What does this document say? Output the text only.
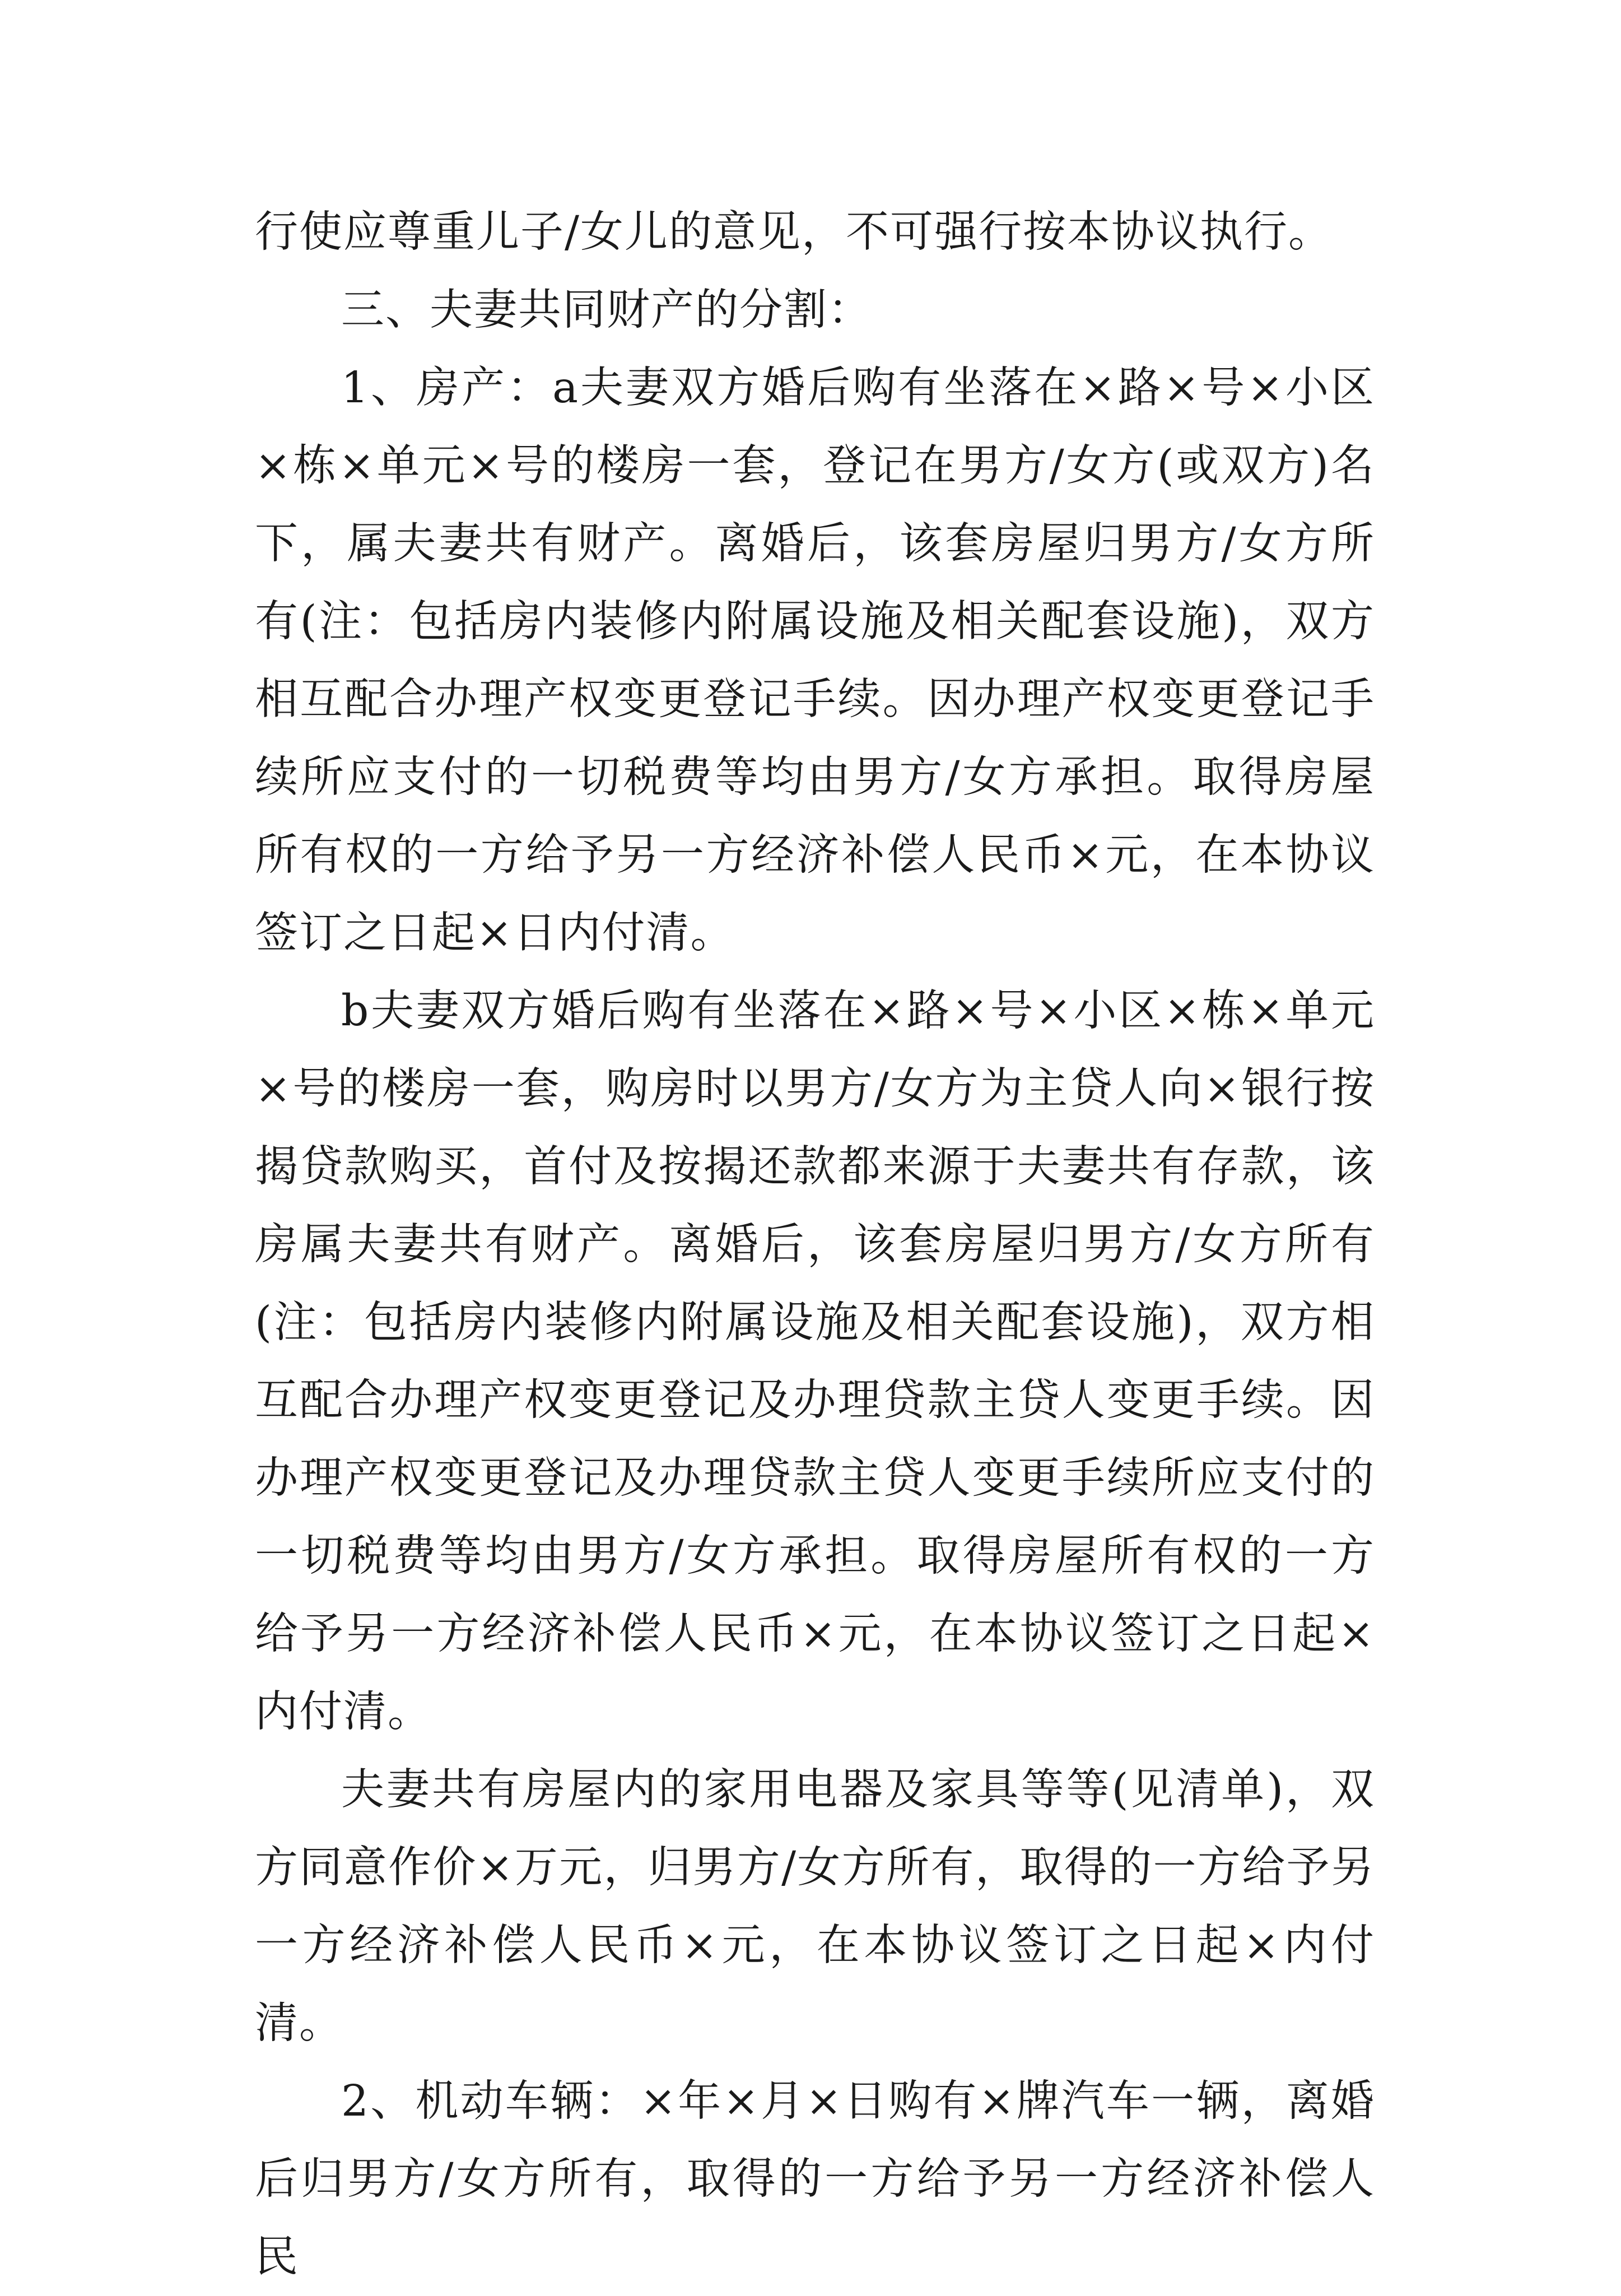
行使应尊重儿子/女儿的意见，不可强行按本协议执行。

三、夫妻共同财产的分割：

1、房产：a夫妻双方婚后购有坐落在×路×号×小区×栋×单元×号的楼房一套，登记在男方/女方(或双方)名下，属夫妻共有财产。离婚后，该套房屋归男方/女方所有(注：包括房内装修内附属设施及相关配套设施)，双方相互配合办理产权变更登记手续。因办理产权变更登记手续所应支付的一切税费等均由男方/女方承担。取得房屋所有权的一方给予另一方经济补偿人民币×元，在本协议签订之日起×日内付清。

b夫妻双方婚后购有坐落在×路×号×小区×栋×单元×号的楼房一套，购房时以男方/女方为主贷人向×银行按揭贷款购买，首付及按揭还款都来源于夫妻共有存款，该房属夫妻共有财产。离婚后，该套房屋归男方/女方所有(注：包括房内装修内附属设施及相关配套设施)，双方相互配合办理产权变更登记及办理贷款主贷人变更手续。因办理产权变更登记及办理贷款主贷人变更手续所应支付的一切税费等均由男方/女方承担。取得房屋所有权的一方给予另一方经济补偿人民币×元，在本协议签订之日起×内付清。

夫妻共有房屋内的家用电器及家具等等(见清单)，双方同意作价×万元，归男方/女方所有，取得的一方给予另一方经济补偿人民币×元，在本协议签订之日起×内付清。

2、机动车辆：×年×月×日购有×牌汽车一辆，离婚后归男方/女方所有，取得的一方给予另一方经济补偿人民
